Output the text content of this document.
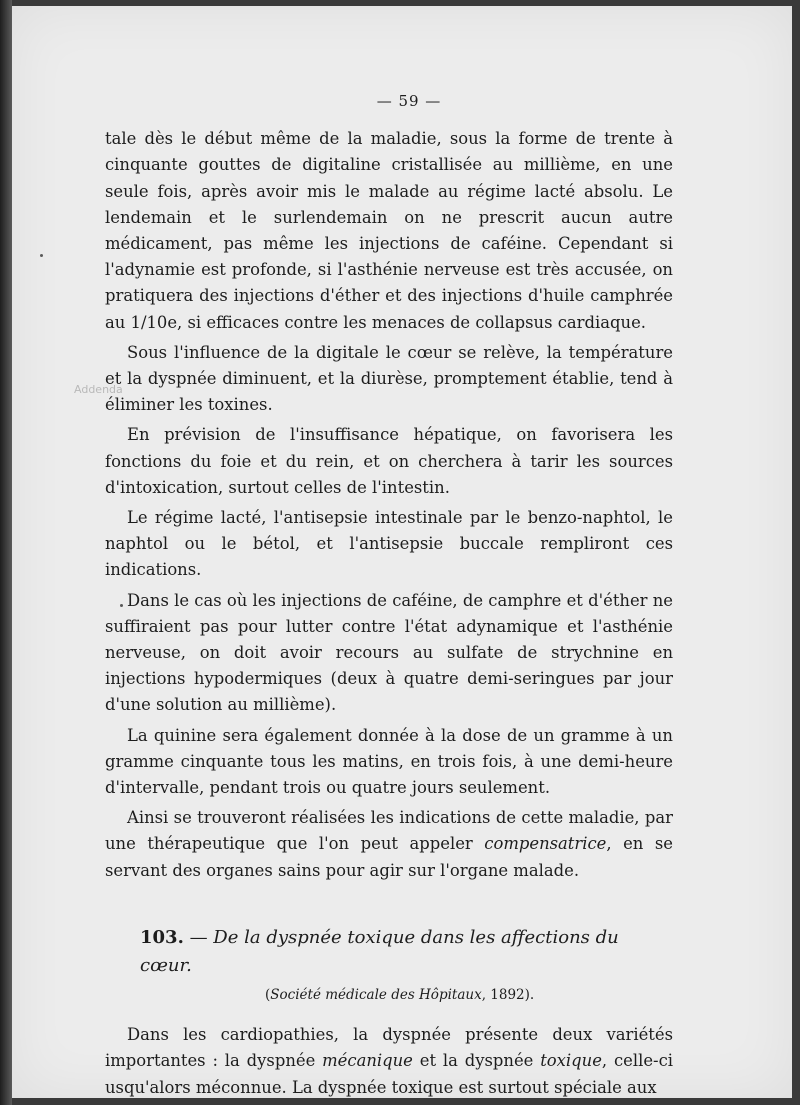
Addenda
— 59 —

tale dès le début même de la maladie, sous la forme de trente à cinquante gouttes de digitaline cristallisée au millième, en une seule fois, après avoir mis le malade au régime lacté absolu. Le lendemain et le surlendemain on ne prescrit aucun autre médicament, pas même les injections de caféine. Cependant si l'adynamie est profonde, si l'asthénie nerveuse est très accusée, on pratiquera des injections d'éther et des injections d'huile camphrée au 1/10e, si efficaces contre les menaces de collapsus cardiaque.

Sous l'influence de la digitale le cœur se relève, la température et la dyspnée diminuent, et la diurèse, promptement établie, tend à éliminer les toxines.

En prévision de l'insuffisance hépatique, on favorisera les fonctions du foie et du rein, et on cherchera à tarir les sources d'intoxication, surtout celles de l'intestin.

Le régime lacté, l'antisepsie intestinale par le benzo-naphtol, le naphtol ou le bétol, et l'antisepsie buccale rempliront ces indications.

Dans le cas où les injections de caféine, de camphre et d'éther ne suffiraient pas pour lutter contre l'état adynamique et l'asthénie nerveuse, on doit avoir recours au sulfate de strychnine en injections hypodermiques (deux à quatre demi-seringues par jour d'une solution au millième).

La quinine sera également donnée à la dose de un gramme à un gramme cinquante tous les matins, en trois fois, à une demi-heure d'intervalle, pendant trois ou quatre jours seulement.

Ainsi se trouveront réalisées les indications de cette maladie, par une thérapeutique que l'on peut appeler compensatrice, en se servant des organes sains pour agir sur l'organe malade.

103. — De la dyspnée toxique dans les affections du cœur.
(Société médicale des Hôpitaux, 1892).

Dans les cardiopathies, la dyspnée présente deux variétés importantes : la dyspnée mécanique et la dyspnée toxique, celle-ci usqu'alors méconnue. La dyspnée toxique est surtout spéciale aux
